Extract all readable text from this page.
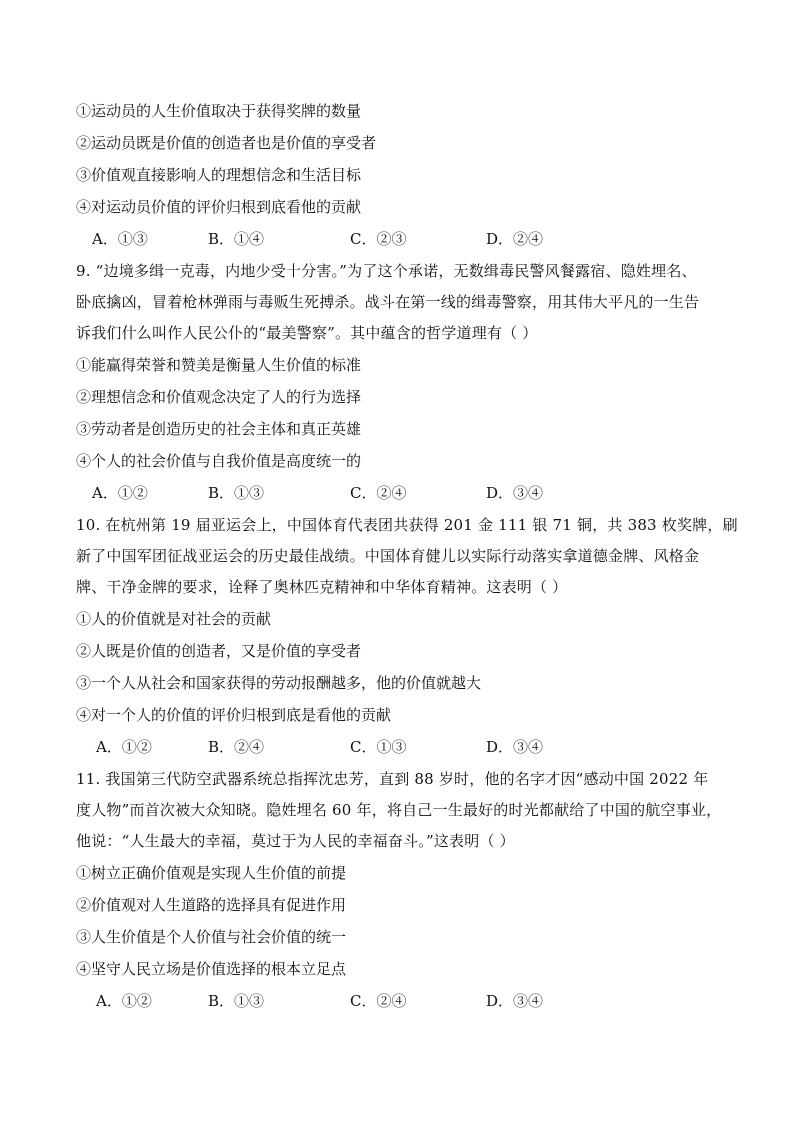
①运动员的人生价值取决于获得奖牌的数量
②运动员既是价值的创造者也是价值的享受者
③价值观直接影响人的理想信念和生活目标
④对运动员价值的评价归根到底看他的贡献
A．①③	B．①④	C．②③	D．②④
9. “边境多缉一克毒，内地少受十分害。”为了这个承诺，无数缉毒民警风餐露宿、隐姓埋名、
卧底擒凶，冒着枪林弹雨与毒贩生死搏杀。战斗在第一线的缉毒警察，用其伟大平凡的一生告
诉我们什么叫作人民公仆的“最美警察”。其中蕴含的哲学道理有（ ）
①能赢得荣誉和赞美是衡量人生价值的标准
②理想信念和价值观念决定了人的行为选择
③劳动者是创造历史的社会主体和真正英雄
④个人的社会价值与自我价值是高度统一的
A．①②	B．①③	C．②④	D．③④
10. 在杭州第 19 届亚运会上，中国体育代表团共获得 201 金 111 银 71 铜，共 383 枚奖牌，刷
新了中国军团征战亚运会的历史最佳战绩。中国体育健儿以实际行动落实拿道德金牌、风格金
牌、干净金牌的要求，诠释了奥林匹克精神和中华体育精神。这表明（ ）
①人的价值就是对社会的贡献
②人既是价值的创造者，又是价值的享受者
③一个人从社会和国家获得的劳动报酬越多，他的价值就越大
④对一个人的价值的评价归根到底是看他的贡献
A．①②	B．②④	C．①③	D．③④
11. 我国第三代防空武器系统总指挥沈忠芳，直到 88 岁时，他的名字才因“感动中国 2022 年
度人物”而首次被大众知晓。隐姓埋名 60 年，将自己一生最好的时光都献给了中国的航空事业，
他说：“人生最大的幸福，莫过于为人民的幸福奋斗。”这表明（ ）
①树立正确价值观是实现人生价值的前提
②价值观对人生道路的选择具有促进作用
③人生价值是个人价值与社会价值的统一
④坚守人民立场是价值选择的根本立足点
A．①②	B．①③	C．②④	D．③④
